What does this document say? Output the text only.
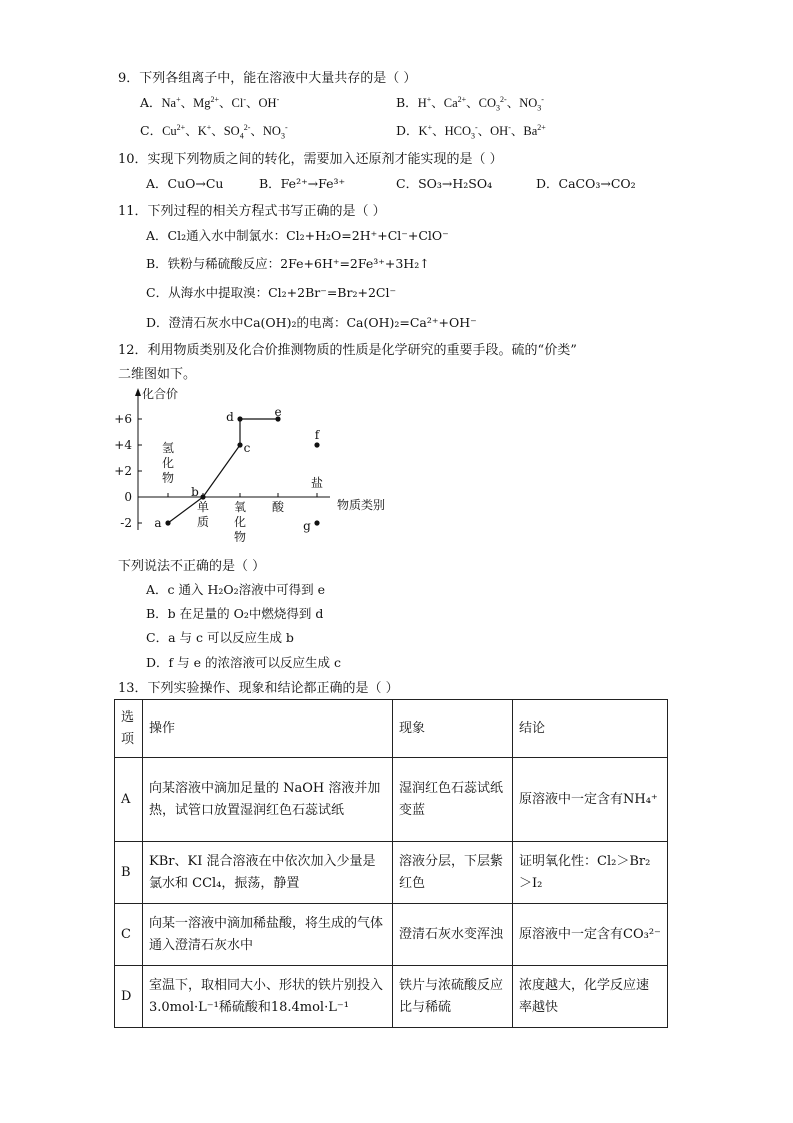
9．下列各组离子中，能在溶液中大量共存的是（ ）
A．Na+、$Mg^{2+}$、Cl-、OH-	B．H+、$Ca^{2+}$、$CO_3^{2-}$、$NO_3^-$
C．$Cu^{2+}$、K+、$SO_4^{2-}$、$NO_3^-$	D．K+、$HCO_3^-$、OH-、$Ba^{2+}$
10．实现下列物质之间的转化，需要加入还原剂才能实现的是（ ）
A．CuO→Cu	B．Fe²⁺→Fe³⁺	C．SO₃→H₂SO₄	D．CaCO₃→CO₂
11．下列过程的相关方程式书写正确的是（ ）
A．Cl₂通入水中制氯水：Cl₂+H₂O=2H⁺+Cl⁻+ClO⁻
B．铁粉与稀硫酸反应：2Fe+6H⁺=2Fe³⁺+3H₂↑
C．从海水中提取溴：Cl₂+2Br⁻=Br₂+2Cl⁻
D．澄清石灰水中Ca(OH)₂的电离：Ca(OH)₂=Ca²⁺+OH⁻
12．利用物质类别及化合价推测物质的性质是化学研究的重要手段。硫的“价类”
二维图如下。
化合价
物质类别
+6
+4
+2
0
-2
氢
化
物
单
质
氧
化
物
酸
盐
a
b
c
d	e
f
g
下列说法不正确的是（ ）
A．c 通入 H₂O₂溶液中可得到 e
B．b 在足量的 O₂中燃烧得到 d
C．a 与 c 可以反应生成 b
D．f 与 e 的浓溶液可以反应生成 c
13．下列实验操作、现象和结论都正确的是（ ）
选项	操作	现象	结论
A	向某溶液中滴加足量的 NaOH 溶液并加热，试管口放置湿润红色石蕊试纸	湿润红色石蕊试纸变蓝	原溶液中一定含有NH₄⁺
B	KBr、KI 混合溶液在中依次加入少量是氯水和 CCl₄，振荡，静置	溶液分层，下层紫红色	证明氧化性：Cl₂＞Br₂＞I₂
C	向某一溶液中滴加稀盐酸，将生成的气体通入澄清石灰水中	澄清石灰水变浑浊	原溶液中一定含有CO₃²⁻
D	室温下，取相同大小、形状的铁片别投入 3.0mol·L⁻¹稀硫酸和18.4mol·L⁻¹	铁片与浓硫酸反应比与稀硫	浓度越大，化学反应速率越快
